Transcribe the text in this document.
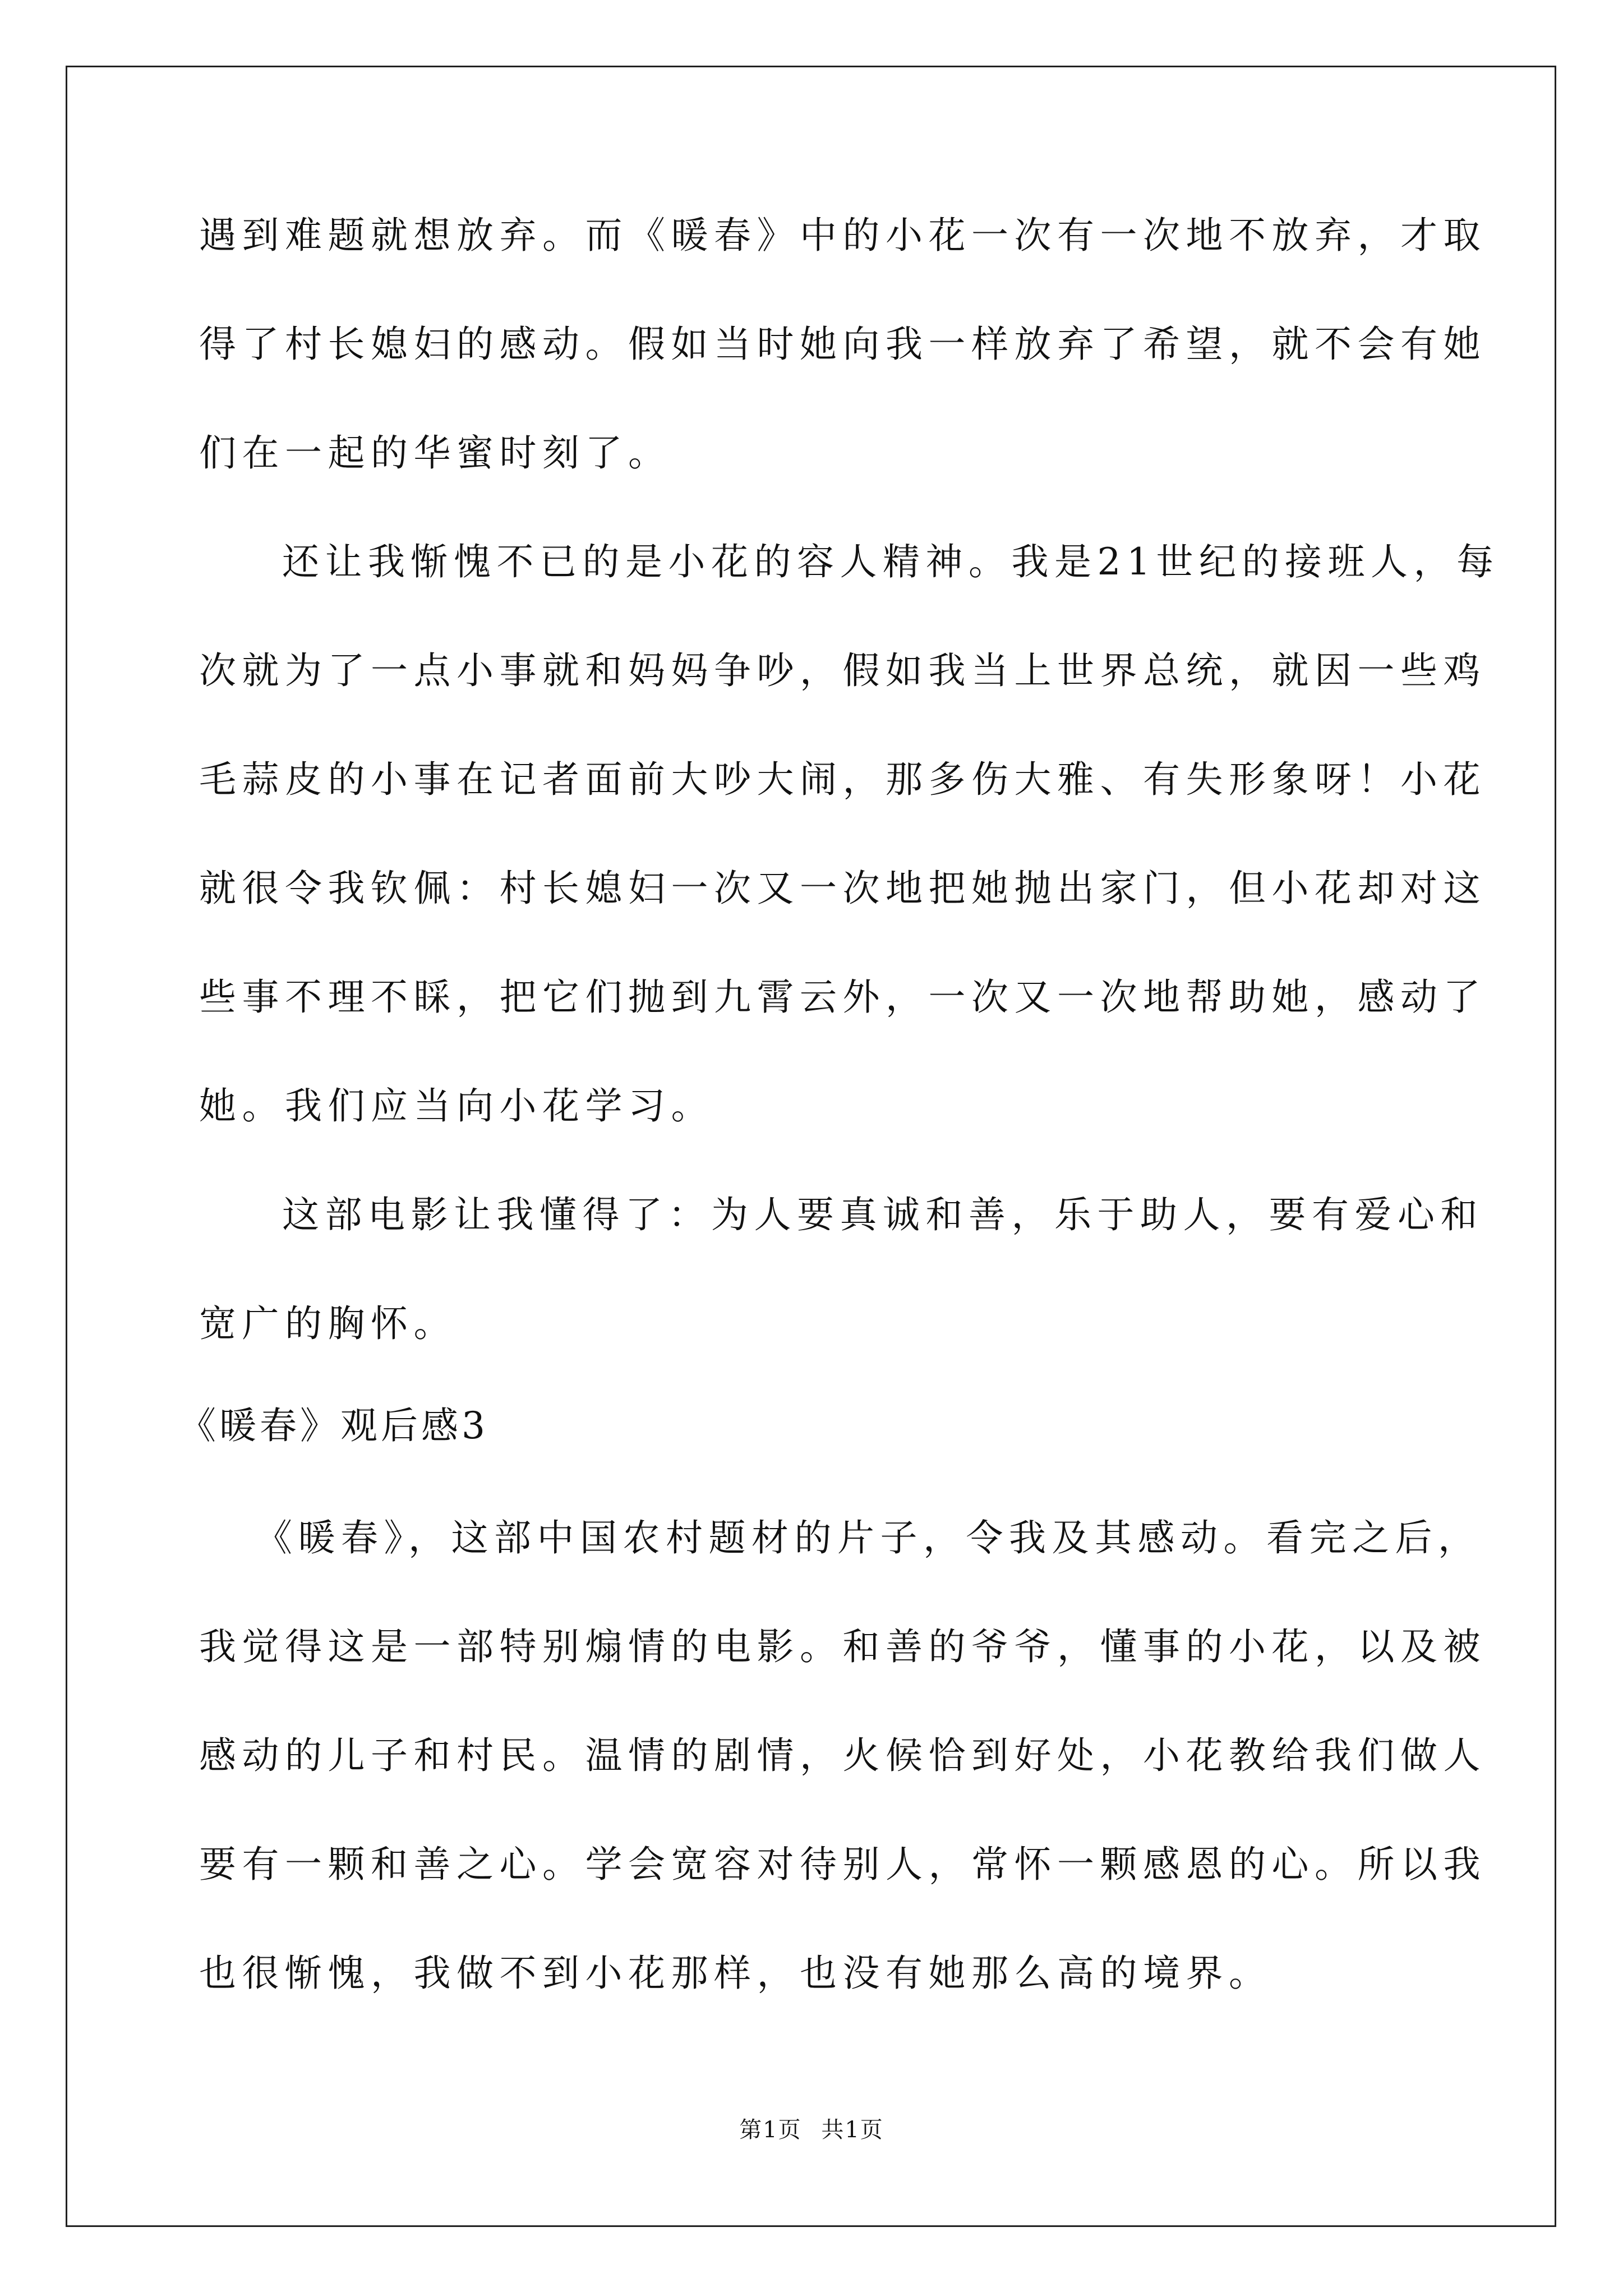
遇到难题就想放弃。而《暖春》中的小花一次有一次地不放弃，才取
得了村长媳妇的感动。假如当时她向我一样放弃了希望，就不会有她
们在一起的华蜜时刻了。
还让我惭愧不已的是小花的容人精神。我是21世纪的接班人，每
次就为了一点小事就和妈妈争吵，假如我当上世界总统，就因一些鸡
毛蒜皮的小事在记者面前大吵大闹，那多伤大雅、有失形象呀！小花
就很令我钦佩：村长媳妇一次又一次地把她抛出家门，但小花却对这
些事不理不睬，把它们抛到九霄云外，一次又一次地帮助她，感动了
她。我们应当向小花学习。
这部电影让我懂得了：为人要真诚和善，乐于助人，要有爱心和
宽广的胸怀。
《暖春》观后感3
《暖春》，这部中国农村题材的片子，令我及其感动。看完之后，
我觉得这是一部特别煽情的电影。和善的爷爷，懂事的小花，以及被
感动的儿子和村民。温情的剧情，火候恰到好处，小花教给我们做人
要有一颗和善之心。学会宽容对待别人，常怀一颗感恩的心。所以我
也很惭愧，我做不到小花那样，也没有她那么高的境界。
第1页 共1页
